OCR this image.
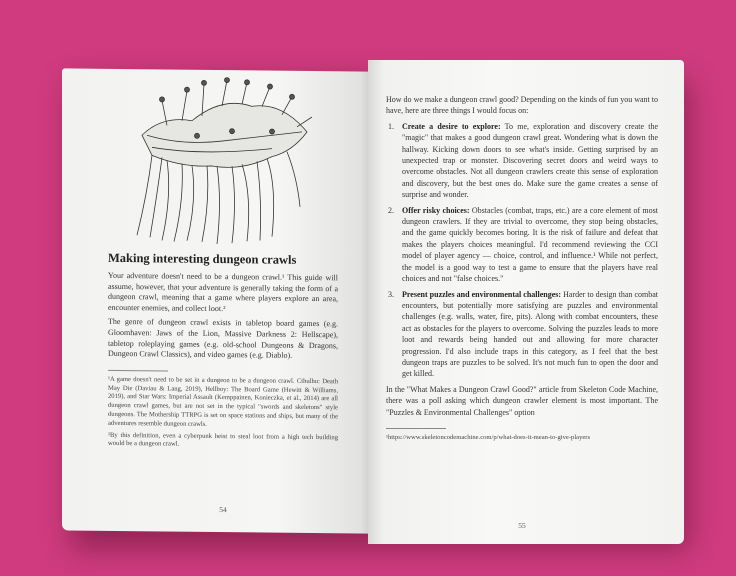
Making interesting dungeon crawls

Your adventure doesn't need to be a dungeon crawl.¹ This guide will assume, however, that your adventure is generally taking the form of a dungeon crawl, meaning that a game where players explore an area, encounter enemies, and collect loot.²

The genre of dungeon crawl exists in tabletop board games (e.g. Gloomhaven: Jaws of the Lion, Massive Darkness 2: Hellscape), tabletop roleplaying games (e.g. old-school Dungeons & Dragons, Dungeon Crawl Classics), and video games (e.g. Diablo).

¹A game doesn't need to be set in a dungeon to be a dungeon crawl. Cthulhu: Death May Die (Daviau & Lang, 2019), Hellboy: The Board Game (Hewitt & Williams, 2019), and Star Wars: Imperial Assault (Kemppainen, Konieczka, et al., 2014) are all dungeon crawl games, but are not set in the typical "swords and skeletons" style dungeons. The Mothership TTRPG is set on space stations and ships, but many of the adventures resemble dungeon crawls.

²By this definition, even a cyberpunk heist to steal loot from a high tech building would be a dungeon crawl.

54

How do we make a dungeon crawl good? Depending on the kinds of fun you want to have, here are three things I would focus on:

1. Create a desire to explore: To me, exploration and discovery create the "magic" that makes a good dungeon crawl great. Wondering what is down the hallway. Kicking down doors to see what's inside. Getting surprised by an unexpected trap or monster. Discovering secret doors and weird ways to overcome obstacles. Not all dungeon crawlers create this sense of exploration and discovery, but the best ones do. Make sure the game creates a sense of surprise and wonder.
2. Offer risky choices: Obstacles (combat, traps, etc.) are a core element of most dungeon crawlers. If they are trivial to overcome, they stop being obstacles, and the game quickly becomes boring. It is the risk of failure and defeat that makes the players choices meaningful. I'd recommend reviewing the CCI model of player agency — choice, control, and influence.¹ While not perfect, the model is a good way to test a game to ensure that the players have real choices and not "false choices."
3. Present puzzles and environmental challenges: Harder to design than combat encounters, but potentially more satisfying are puzzles and environmental challenges (e.g. walls, water, fire, pits). Along with combat encounters, these act as obstacles for the players to overcome. Solving the puzzles leads to more loot and rewards being handed out and allowing for more character progression. I'd also include traps in this category, as I feel that the best dungeon traps are puzzles to be solved. It's not much fun to open the door and get killed.

In the "What Makes a Dungeon Crawl Good?" article from Skeleton Code Machine, there was a poll asking which dungeon crawler element is most important. The "Puzzles & Environmental Challenges" option

¹https://www.skeletoncodemachine.com/p/what-does-it-mean-to-give-players
55
